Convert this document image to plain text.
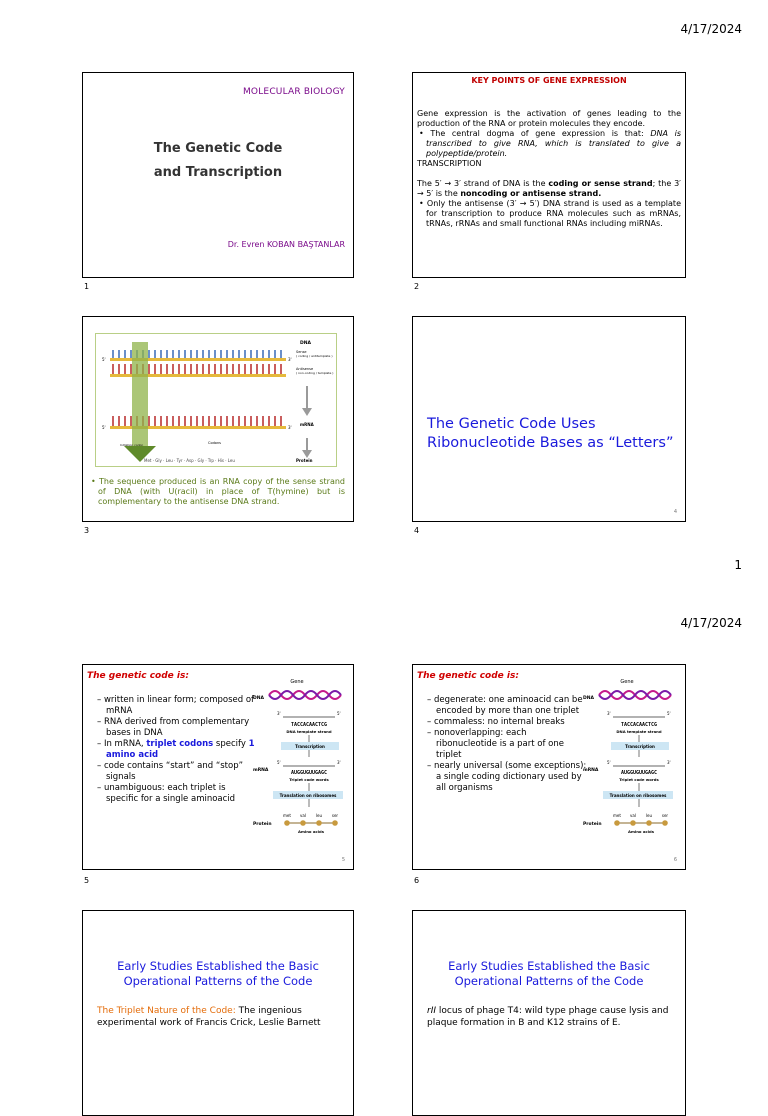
4/17/2024
MOLECULAR BIOLOGY
The Genetic Code
and Transcription
Dr. Evren KOBAN BAŞTANLAR
1
KEY POINTS OF GENE EXPRESSION

Gene expression is the activation of genes leading to the production of the RNA or protein molecules they encode.

• The central dogma of gene expression is that: DNA is transcribed to give RNA, which is translated to give a polypeptide/protein.

TRANSCRIPTION

The 5′ → 3′ strand of DNA is the coding or sense strand; the 3′ → 5′ is the noncoding or antisense strand.

• Only the antisense (3′ → 5′) DNA strand is used as a template for transcription to produce RNA molecules such as mRNAs, tRNAs, rRNAs and small functional RNAs including miRNAs.

2
DNA
Sense
( coding / antitemplate )
Antisense
( non-coding / template )
mRNA
Protein
Codons
Initiation codon
Met · Gly · Leu · Tyr · Asp · Gly · Trp · His · Leu
5'	3'
5'	3'

• The sequence produced is an RNA copy of the sense strand of DNA (with U(racil) in place of T(hymine) but is complementary to the antisense DNA strand.

3
The Genetic Code Uses
Ribonucleotide Bases as “Letters”
4
4
1
4/17/2024
The genetic code is:
– written in linear form; composed of mRNA
– RNA derived from complementary bases in DNA
– In mRNA, triplet codons specify 1 amino acid
– code contains “start” and “stop” signals
– unambiguous: each triplet is specific for a single aminoacid
Gene
DNA
3'	5'
TACCACAACTCG
DNA template strand
Transcription
mRNA
5'	3'
AUGGUGUUGAGC
Triplet code words
Translation on ribosomes
met val leu ser
Protein
Amino acids
5
5
The genetic code is:
– degenerate: one aminoacid can be encoded by more than one triplet
– commaless: no internal breaks
– nonoverlapping: each ribonucleotide is a part of one triplet
– nearly universal (some exceptions): a single coding dictionary used by all organisms
Gene
DNA
3'	5'
TACCACAACTCG
DNA template strand
Transcription
mRNA
5'	3'
AUGGUGUUGAGC
Triplet code words
Translation on ribosomes
met val leu ser
Protein
Amino acids
6
6
Early Studies Established the Basic
Operational Patterns of the Code
The Triplet Nature of the Code: The ingenious experimental work of Francis Crick, Leslie Barnett
Early Studies Established the Basic
Operational Patterns of the Code
rII locus of phage T4: wild type phage cause lysis and plaque formation in B and K12 strains of E.
